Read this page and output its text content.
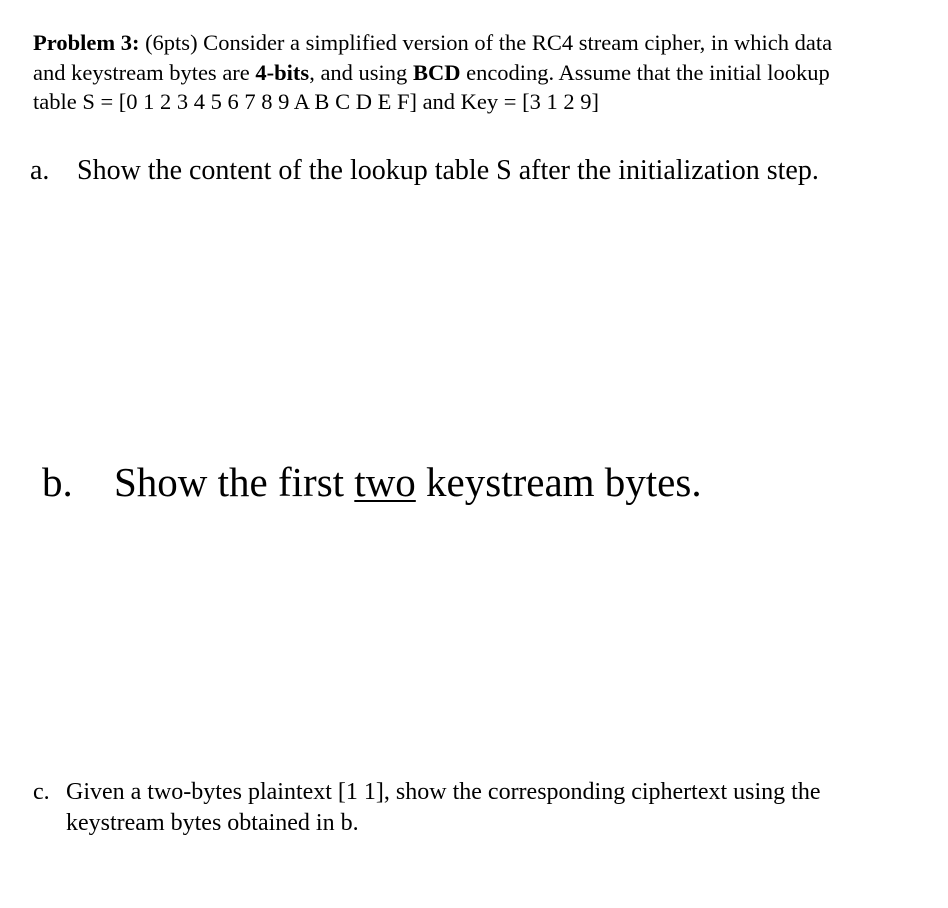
Problem 3: (6pts) Consider a simplified version of the RC4 stream cipher, in which data
and keystream bytes are 4-bits, and using BCD encoding. Assume that the initial lookup
table S = [0 1 2 3 4 5 6 7 8 9 A B C D E F] and Key = [3 1 2 9]
a. Show the content of the lookup table S after the initialization step.
b. Show the first two keystream bytes.
c. Given a two-bytes plaintext [1 1], show the corresponding ciphertext using the
keystream bytes obtained in b.
